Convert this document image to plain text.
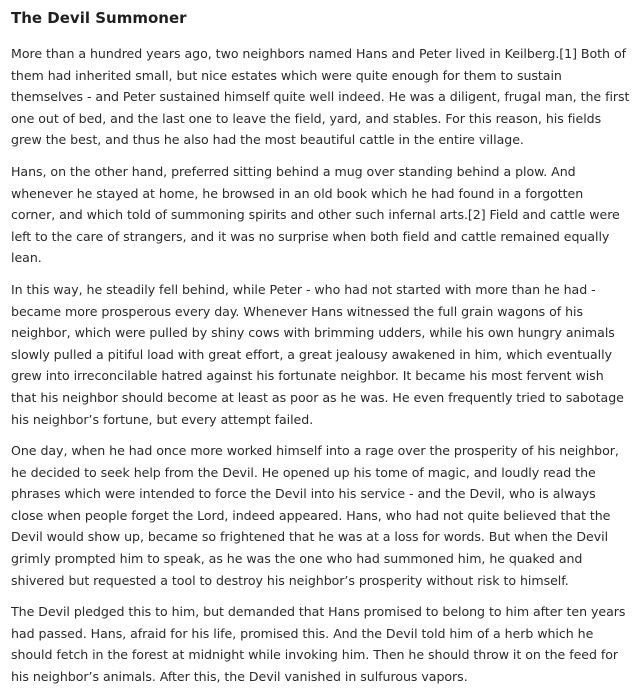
The Devil Summoner

More than a hundred years ago, two neighbors named Hans and Peter lived in Keilberg.[1] Both of them had inherited small, but nice estates which were quite enough for them to sustain themselves - and Peter sustained himself quite well indeed. He was a diligent, frugal man, the first one out of bed, and the last one to leave the field, yard, and stables. For this reason, his fields grew the best, and thus he also had the most beautiful cattle in the entire village.

Hans, on the other hand, preferred sitting behind a mug over standing behind a plow. And whenever he stayed at home, he browsed in an old book which he had found in a forgotten corner, and which told of summoning spirits and other such infernal arts.[2] Field and cattle were left to the care of strangers, and it was no surprise when both field and cattle remained equally lean.

In this way, he steadily fell behind, while Peter - who had not started with more than he had - became more prosperous every day. Whenever Hans witnessed the full grain wagons of his neighbor, which were pulled by shiny cows with brimming udders, while his own hungry animals slowly pulled a pitiful load with great effort, a great jealousy awakened in him, which eventually grew into irreconcilable hatred against his fortunate neighbor. It became his most fervent wish that his neighbor should become at least as poor as he was. He even frequently tried to sabotage his neighbor’s fortune, but every attempt failed.

One day, when he had once more worked himself into a rage over the prosperity of his neighbor, he decided to seek help from the Devil. He opened up his tome of magic, and loudly read the phrases which were intended to force the Devil into his service - and the Devil, who is always close when people forget the Lord, indeed appeared. Hans, who had not quite believed that the Devil would show up, became so frightened that he was at a loss for words. But when the Devil grimly prompted him to speak, as he was the one who had summoned him, he quaked and shivered but requested a tool to destroy his neighbor’s prosperity without risk to himself.

The Devil pledged this to him, but demanded that Hans promised to belong to him after ten years had passed. Hans, afraid for his life, promised this. And the Devil told him of a herb which he should fetch in the forest at midnight while invoking him. Then he should throw it on the feed for his neighbor’s animals. After this, the Devil vanished in sulfurous vapors.
